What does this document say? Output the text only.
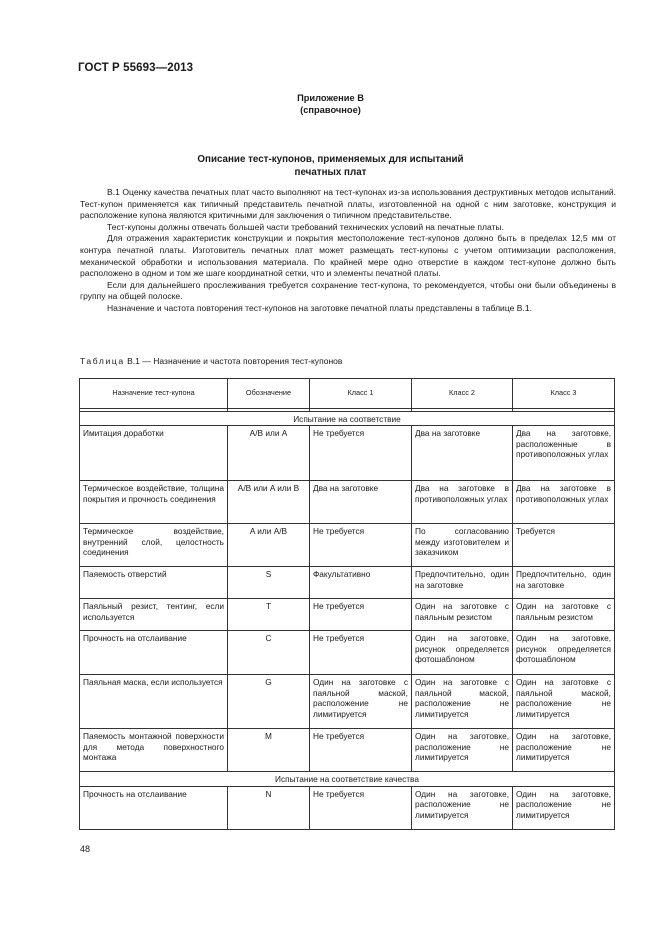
ГОСТ Р 55693—2013
Приложение В
(справочное)
Описание тест-купонов, применяемых для испытаний
печатных плат

В.1 Оценку качества печатных плат часто выполняют на тест-купонах из-за использования деструктивных методов испытаний. Тест-купон применяется как типичный представитель печатной платы, изготовленной на одной с ним заготовке, конструкция и расположение купона являются критичными для заключения о типичном представительстве.

Тест-купоны должны отвечать большей части требований технических условий на печатные платы.

Для отражения характеристик конструкции и покрытия местоположение тест-купонов должно быть в пределах 12,5 мм от контура печатной платы. Изготовитель печатных плат может размещать тест-купоны с учетом оптимизации расположения, механической обработки и использования материала. По крайней мере одно отверстие в каждом тест-купоне должно быть расположено в одном и том же шаге координатной сетки, что и элементы печатной платы.

Если для дальнейшего прослеживания требуется сохранение тест-купона, то рекомендуется, чтобы они были объединены в группу на общей полоске.

Назначение и частота повторения тест-купонов на заготовке печатной платы представлены в таблице В.1.

Таблица В.1 — Назначение и частота повторения тест-купонов
Назначение тест-купона	Обозначение	Класс 1	Класс 2	Класс 3

Испытание на соответствие				
Имитация доработки	A/B или A	Не требуется	Два на заготовке	Два на заготовке, расположенные в противоположных углах
Термическое воздействие, толщина покрытия и прочность соединения	A/B или A или B	Два на заготовке	Два на заготовке в противоположных углах	Два на заготовке в противоположных углах
Термическое воздействие, внутренний слой, целостность соединения	A или A/B	Не требуется	По согласованию между изготовителем и заказчиком	Требуется
Паяемость отверстий	S	Факультативно	Предпочтительно, один на заготовке	Предпочтительно, один на заготовке
Паяльный резист, тентинг, если используется	T	Не требуется	Один на заготовке с паяльным резистом	Один на заготовке с паяльным резистом
Прочность на отслаивание	C	Не требуется	Один на заготовке, рисунок определяется фотошаблоном	Один на заготовке, рисунок определяется фотошаблоном
Паяльная маска, если используется	G	Один на заготовке с паяльной маской, расположение не лимитируется	Один на заготовке с паяльной маской, расположение не лимитируется	Один на заготовке с паяльной маской, расположение не лимитируется
Паяемость монтажной поверхности для метода поверхностного монтажа	M	Не требуется	Один на заготовке, расположение не лимитируется	Один на заготовке, расположение не лимитируется
Испытание на соответствие качества				
Прочность на отслаивание	N	Не требуется	Один на заготовке, расположение не лимитируется	Один на заготовке, расположение не лимитируется
48
